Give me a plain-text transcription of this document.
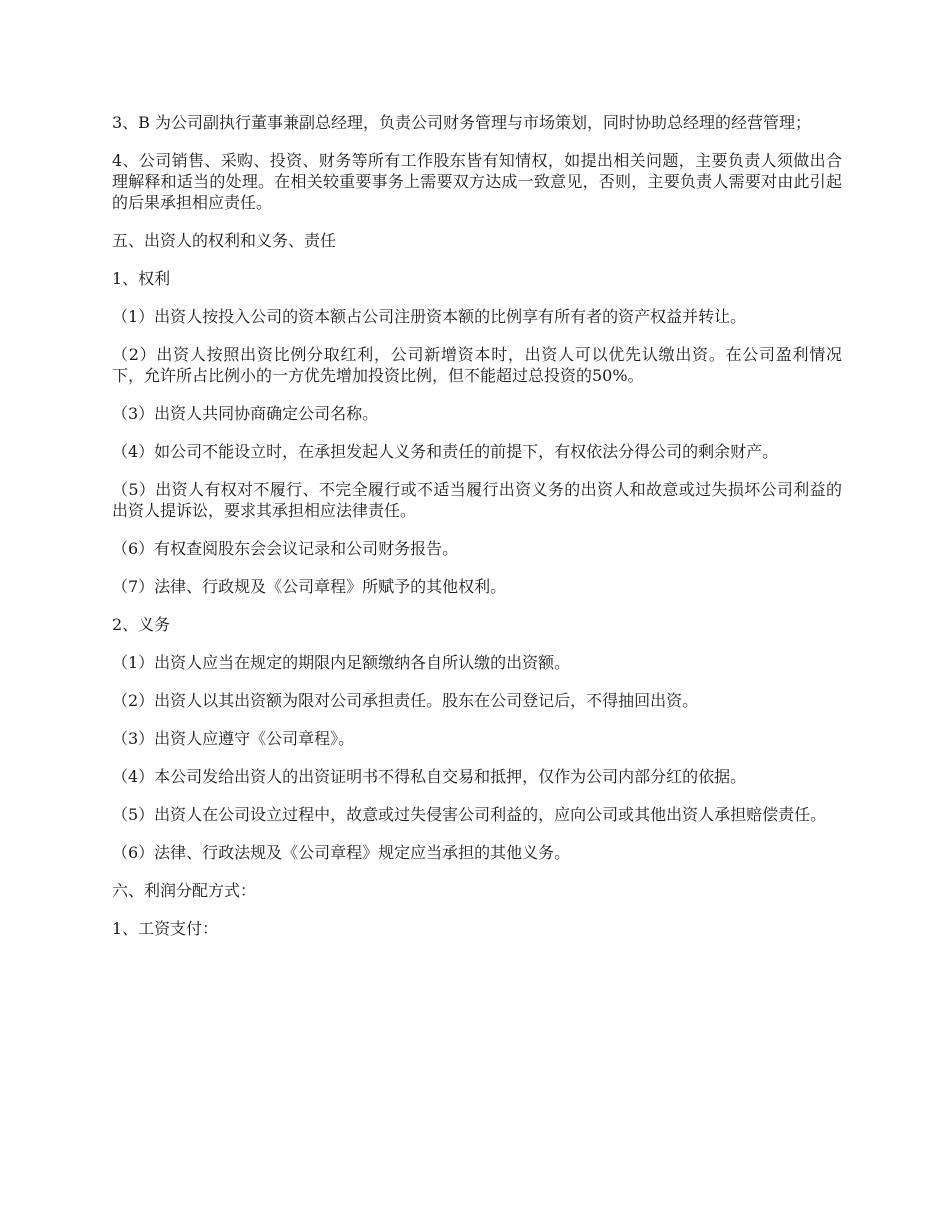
3、B 为公司副执行董事兼副总经理，负责公司财务管理与市场策划，同时协助总经理的经营管理；

4、公司销售、采购、投资、财务等所有工作股东皆有知情权，如提出相关问题，主要负责人须做出合理解释和适当的处理。在相关较重要事务上需要双方达成一致意见，否则，主要负责人需要对由此引起的后果承担相应责任。

五、出资人的权利和义务、责任

1、权利

（1）出资人按投入公司的资本额占公司注册资本额的比例享有所有者的资产权益并转让。

（2）出资人按照出资比例分取红利，公司新增资本时，出资人可以优先认缴出资。在公司盈利情况下，允许所占比例小的一方优先增加投资比例，但不能超过总投资的50%。

（3）出资人共同协商确定公司名称。

（4）如公司不能设立时，在承担发起人义务和责任的前提下，有权依法分得公司的剩余财产。

（5）出资人有权对不履行、不完全履行或不适当履行出资义务的出资人和故意或过失损坏公司利益的出资人提诉讼，要求其承担相应法律责任。

（6）有权查阅股东会会议记录和公司财务报告。

（7）法律、行政规及《公司章程》所赋予的其他权利。

2、义务

（1）出资人应当在规定的期限内足额缴纳各自所认缴的出资额。

（2）出资人以其出资额为限对公司承担责任。股东在公司登记后，不得抽回出资。

（3）出资人应遵守《公司章程》。

（4）本公司发给出资人的出资证明书不得私自交易和抵押，仅作为公司内部分红的依据。

（5）出资人在公司设立过程中，故意或过失侵害公司利益的，应向公司或其他出资人承担赔偿责任。

（6）法律、行政法规及《公司章程》规定应当承担的其他义务。

六、利润分配方式：

1、工资支付：
